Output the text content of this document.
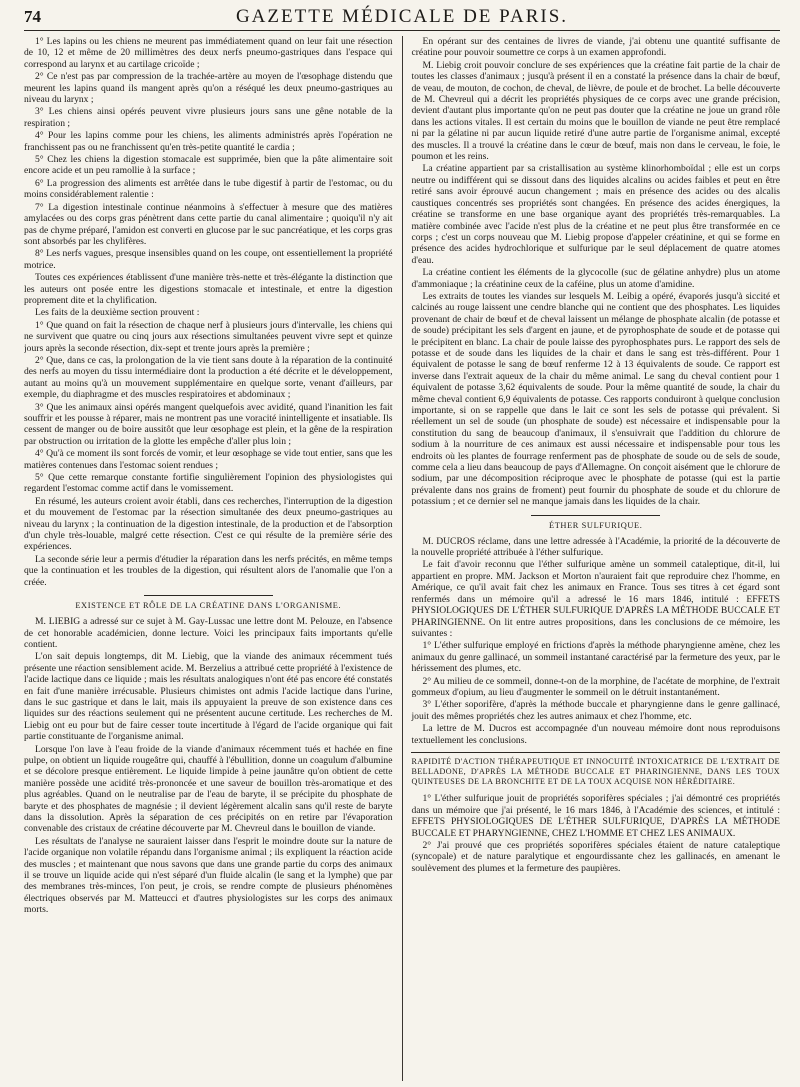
74	GAZETTE MÉDICALE DE PARIS.

1° Les lapins ou les chiens ne meurent pas immédiatement quand on leur fait une résection de 10, 12 et même de 20 millimètres des deux nerfs pneumo-gastriques dans l'espace qui correspond au larynx et au cartilage cricoïde ;

2° Ce n'est pas par compression de la trachée-artère au moyen de l'œsophage distendu que meurent les lapins quand ils mangent après qu'on a réséqué les deux pneumo-gastriques au niveau du larynx ;

3° Les chiens ainsi opérés peuvent vivre plusieurs jours sans une gêne notable de la respiration ;

4° Pour les lapins comme pour les chiens, les aliments administrés après l'opération ne franchissent pas ou ne franchissent qu'en très-petite quantité le cardia ;

5° Chez les chiens la digestion stomacale est supprimée, bien que la pâte alimentaire soit encore acide et un peu ramollie à la surface ;

6° La progression des aliments est arrêtée dans le tube digestif à partir de l'estomac, ou du moins considérablement ralentie :

7° La digestion intestinale continue néanmoins à s'effectuer à mesure que des matières amylacées ou des corps gras pénètrent dans cette partie du canal alimentaire ; quoiqu'il n'y ait pas de chyme préparé, l'amidon est converti en glucose par le suc pancréatique, et les corps gras sont absorbés par les chylifères.

8° Les nerfs vagues, presque insensibles quand on les coupe, ont essentiellement la propriété motrice.

Toutes ces expériences établissent d'une manière très-nette et très-élégante la distinction que les auteurs ont posée entre les digestions stomacale et intestinale, et entre la digestion proprement dite et la chylification.

Les faits de la deuxième section prouvent :

1° Que quand on fait la résection de chaque nerf à plusieurs jours d'intervalle, les chiens qui ne survivent que quatre ou cinq jours aux résections simultanées peuvent vivre sept et quinze jours après la seconde résection, dix-sept et trente jours après la première ;

2° Que, dans ce cas, la prolongation de la vie tient sans doute à la réparation de la continuité des nerfs au moyen du tissu intermédiaire dont la production a été décrite et le développement, autant au moins qu'à un mouvement supplémentaire en quelque sorte, venant d'ailleurs, par exemple, du diaphragme et des muscles respiratoires et abdominaux ;

3° Que les animaux ainsi opérés mangent quelquefois avec avidité, quand l'inanition les fait souffrir et les pousse à réparer, mais ne montrent pas une voracité inintelligente et insatiable. Ils cessent de manger ou de boire aussitôt que leur œsophage est plein, et la gêne de la respiration par obstruction ou irritation de la glotte les empêche d'aller plus loin ;

4° Qu'à ce moment ils sont forcés de vomir, et leur œsophage se vide tout entier, sans que les matières contenues dans l'estomac soient rendues ;

5° Que cette remarque constante fortifie singulièrement l'opinion des physiologistes qui regardent l'estomac comme actif dans le vomissement.

En résumé, les auteurs croient avoir établi, dans ces recherches, l'interruption de la digestion et du mouvement de l'estomac par la résection simultanée des deux pneumo-gastriques au niveau du larynx ; la continuation de la digestion intestinale, de la production et de l'absorption d'un chyle très-louable, malgré cette résection. C'est ce qui résulte de la première série des expériences.

La seconde série leur a permis d'étudier la réparation dans les nerfs précités, en même temps que la continuation et les troubles de la digestion, qui résultent alors de l'anomalie que l'on a créée.

EXISTENCE ET RÔLE DE LA CRÉATINE DANS L'ORGANISME.

M. LIEBIG a adressé sur ce sujet à M. Gay-Lussac une lettre dont M. Pelouze, en l'absence de cet honorable académicien, donne lecture. Voici les principaux faits importants qu'elle contient.

L'on sait depuis longtemps, dit M. Liebig, que la viande des animaux récemment tués présente une réaction sensiblement acide. M. Berzelius a attribué cette propriété à l'existence de l'acide lactique dans ce liquide ; mais les résultats analogiques n'ont été pas encore été constatés en fait d'une manière irrécusable. Plusieurs chimistes ont admis l'acide lactique dans l'urine, dans le suc gastrique et dans le lait, mais ils appuyaient la preuve de son existence dans ces liquides sur des réactions seulement qui ne présentent aucune certitude. Les recherches de M. Liebig ont eu pour but de faire cesser toute incertitude à l'égard de l'acide organique qui fait partie constituante de l'organisme animal.

Lorsque l'on lave à l'eau froide de la viande d'animaux récemment tués et hachée en fine pulpe, on obtient un liquide rougeâtre qui, chauffé à l'ébullition, donne un coagulum d'albumine et se décolore presque entièrement. Le liquide limpide à peine jaunâtre qu'on obtient de cette manière possède une acidité très-prononcée et une saveur de bouillon très-aromatique et des plus agréables. Quand on le neutralise par de l'eau de baryte, il se précipite du phosphate de baryte et des phosphates de magnésie ; il devient légèrement alcalin sans qu'il reste de baryte dans la dissolution. Après la séparation de ces précipités on en retire par l'évaporation convenable des cristaux de créatine découverte par M. Chevreul dans le bouillon de viande.

Les résultats de l'analyse ne sauraient laisser dans l'esprit le moindre doute sur la nature de l'acide organique non volatile répandu dans l'organisme animal ; ils expliquent la réaction acide des muscles ; et maintenant que nous savons que dans une grande partie du corps des animaux il se trouve un liquide acide qui n'est séparé d'un fluide alcalin (le sang et la lymphe) que par des membranes très-minces, l'on peut, je crois, se rendre compte de plusieurs phénomènes électriques observés par M. Matteucci et d'autres physiologistes sur les corps des animaux morts.

En opérant sur des centaines de livres de viande, j'ai obtenu une quantité suffisante de créatine pour pouvoir soumettre ce corps à un examen approfondi.

M. Liebig croit pouvoir conclure de ses expériences que la créatine fait partie de la chair de toutes les classes d'animaux ; jusqu'à présent il en a constaté la présence dans la chair de bœuf, de veau, de mouton, de cochon, de cheval, de lièvre, de poule et de brochet. La belle découverte de M. Chevreul qui a décrit les propriétés physiques de ce corps avec une grande précision, devient d'autant plus importante qu'on ne peut pas douter que la créatine ne joue un grand rôle dans les actions vitales. Il est certain du moins que le bouillon de viande ne peut être remplacé ni par la gélatine ni par aucun liquide retiré d'une autre partie de l'organisme animal, excepté des muscles. Il a trouvé la créatine dans le cœur de bœuf, mais non dans le cerveau, le foie, le poumon et les reins.

La créatine appartient par sa cristallisation au système klinorhomboïdal ; elle est un corps neutre ou indifférent qui se dissout dans des liquides alcalins ou acides faibles et peut en être retiré sans avoir éprouvé aucun changement ; mais en présence des acides ou des alcalis caustiques concentrés ses propriétés sont changées. En présence des acides énergiques, la créatine se transforme en une base organique ayant des propriétés très-remarquables. La matière combinée avec l'acide n'est plus de la créatine et ne peut plus être transformée en ce corps ; c'est un corps nouveau que M. Liebig propose d'appeler créatinine, et qui se forme en présence des acides hydrochlorique et sulfurique par le seul déplacement de quatre atomes d'eau.

La créatine contient les éléments de la glycocolle (suc de gélatine anhydre) plus un atome d'ammoniaque ; la créatinine ceux de la caféine, plus un atome d'amidine.

Les extraits de toutes les viandes sur lesquels M. Leibig a opéré, évaporés jusqu'à siccité et calcinés au rouge laissent une cendre blanche qui ne contient que des phosphates. Les liquides provenant de chair de bœuf et de cheval laissent un mélange de phosphate alcalin (de potasse et de soude) précipitant les sels d'argent en jaune, et de pyrophosphate de soude et de potasse qui le précipitent en blanc. La chair de poule laisse des pyrophosphates purs. Le rapport des sels de potasse et de soude dans les liquides de la chair et dans le sang est très-différent. Pour 1 équivalent de potasse le sang de bœuf renferme 12 à 13 équivalents de soude. Ce rapport est inverse dans l'extrait aqueux de la chair du même animal. Le sang du cheval contient pour 1 équivalent de potasse 3,62 équivalents de soude. Pour la même quantité de soude, la chair du même cheval contient 6,9 équivalents de potasse. Ces rapports conduiront à quelque conclusion importante, si on se rappelle que dans le lait ce sont les sels de potasse qui prévalent. Si réellement un sel de soude (un phosphate de soude) est nécessaire et indispensable pour la constitution du sang de beaucoup d'animaux, il s'ensuivrait que l'addition du chlorure de sodium à la nourriture de ces animaux est aussi nécessaire et indispensable pour tous les endroits où les plantes de fourrage renferment pas de phosphate de soude ou de sels de soude, comme cela a lieu dans beaucoup de pays d'Allemagne. On conçoit aisément que le chlorure de sodium, par une décomposition réciproque avec le phosphate de potasse (qui est la partie prévalente dans nos grains de froment) peut fournir du phosphate de soude et du chlorure de potassium ; et ce dernier sel ne manque jamais dans les liquides de la chair.

ÉTHER SULFURIQUE.

M. DUCROS réclame, dans une lettre adressée à l'Académie, la priorité de la découverte de la nouvelle propriété attribuée à l'éther sulfurique.

Le fait d'avoir reconnu que l'éther sulfurique amène un sommeil cataleptique, dit-il, lui appartient en propre. MM. Jackson et Morton n'auraient fait que reproduire chez l'homme, en Amérique, ce qu'il avait fait chez les animaux en France. Tous ses titres à cet égard sont renfermés dans un mémoire qu'il a adressé le 16 mars 1846, intitulé : EFFETS PHYSIOLOGIQUES DE L'ÉTHER SULFURIQUE D'APRÈS LA MÉTHODE BUCCALE ET PHARINGIENNE. On lit entre autres propositions, dans les conclusions de ce mémoire, les suivantes :

1° L'éther sulfurique employé en frictions d'après la méthode pharyngienne amène, chez les animaux du genre gallinacé, un sommeil instantané caractérisé par la fermeture des yeux, par le hérissement des plumes, etc.

2° Au milieu de ce sommeil, donne-t-on de la morphine, de l'acétate de morphine, de l'extrait gommeux d'opium, au lieu d'augmenter le sommeil on le détruit instantanément.

3° L'éther soporifère, d'après la méthode buccale et pharyngienne dans le genre gallinacé, jouit des mêmes propriétés chez les autres animaux et chez l'homme, etc.

La lettre de M. Ducros est accompagnée d'un nouveau mémoire dont nous reproduisons textuellement les conclusions.

RAPIDITÉ D'ACTION THÉRAPEUTIQUE ET INNOCUITÉ INTOXICATRICE DE L'EXTRAIT DE BELLADONE, D'APRÈS LA MÉTHODE BUCCALE ET PHARINGIENNE, DANS LES TOUX QUINTEUSES DE LA BRONCHITE ET DE LA TOUX ACQUISE NON HÉRÉDITAIRE.

1° L'éther sulfurique jouit de propriétés soporifères spéciales ; j'ai démontré ces propriétés dans un mémoire que j'ai présenté, le 16 mars 1846, à l'Académie des sciences, et intitulé : EFFETS PHYSIOLOGIQUES DE L'ÉTHER SULFURIQUE, D'APRÈS LA MÉTHODE BUCCALE ET PHARYNGIENNE, CHEZ L'HOMME ET CHEZ LES ANIMAUX.

2° J'ai prouvé que ces propriétés soporifères spéciales étaient de nature cataleptique (syncopale) et de nature paralytique et engourdissante chez les gallinacés, en amenant le soulèvement des plumes et la fermeture des paupières.
